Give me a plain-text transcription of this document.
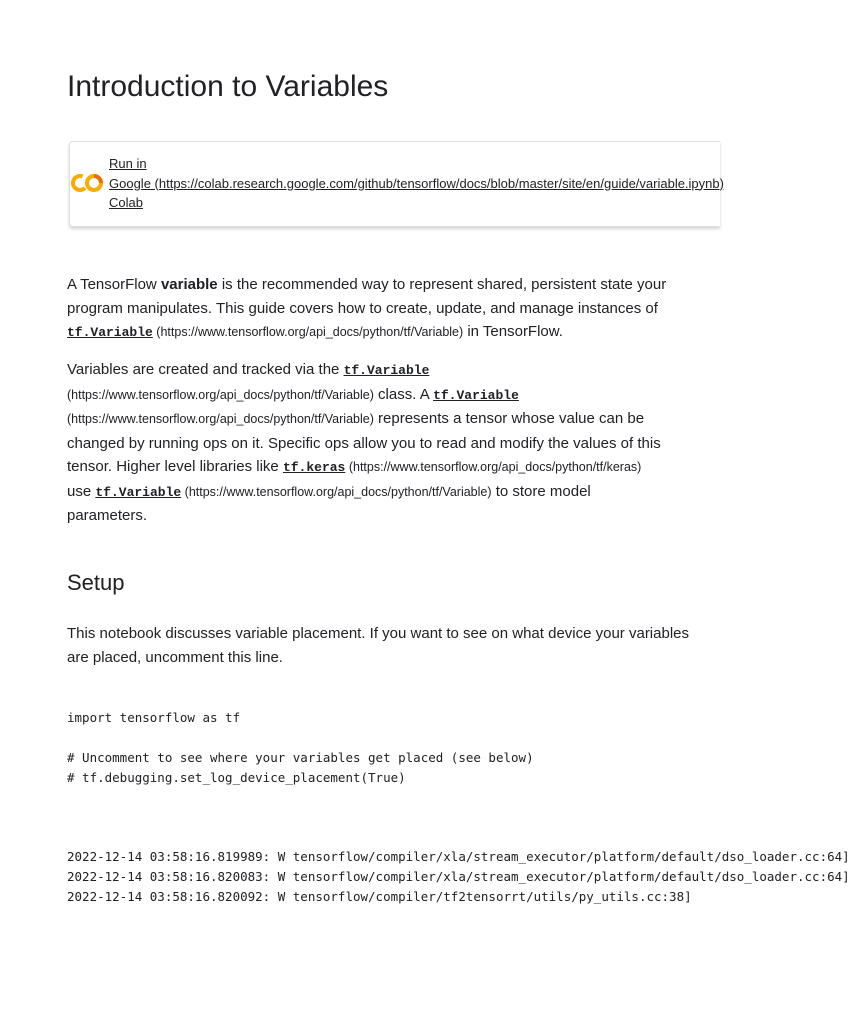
Introduction to Variables
Run in
Google (https://colab.research.google.com/github/tensorflow/docs/blob/master/site/en/guide/variable.ipynb)
Colab

A TensorFlow variable is the recommended way to represent shared, persistent state your
program manipulates. This guide covers how to create, update, and manage instances of
tf.Variable (https://www.tensorflow.org/api_docs/python/tf/Variable) in TensorFlow.

Variables are created and tracked via the tf.Variable
(https://www.tensorflow.org/api_docs/python/tf/Variable) class. A tf.Variable
(https://www.tensorflow.org/api_docs/python/tf/Variable) represents a tensor whose value can be
changed by running ops on it. Specific ops allow you to read and modify the values of this
tensor. Higher level libraries like tf.keras (https://www.tensorflow.org/api_docs/python/tf/keras)
use tf.Variable (https://www.tensorflow.org/api_docs/python/tf/Variable) to store model
parameters.

Setup

This notebook discusses variable placement. If you want to see on what device your variables
are placed, uncomment this line.

import tensorflow as tf
# Uncomment to see where your variables get placed (see below)
# tf.debugging.set_log_device_placement(True)
2022-12-14 03:58:16.819989: W tensorflow/compiler/xla/stream_executor/platform/default/dso_loader.cc:64]
2022-12-14 03:58:16.820083: W tensorflow/compiler/xla/stream_executor/platform/default/dso_loader.cc:64]
2022-12-14 03:58:16.820092: W tensorflow/compiler/tf2tensorrt/utils/py_utils.cc:38]
